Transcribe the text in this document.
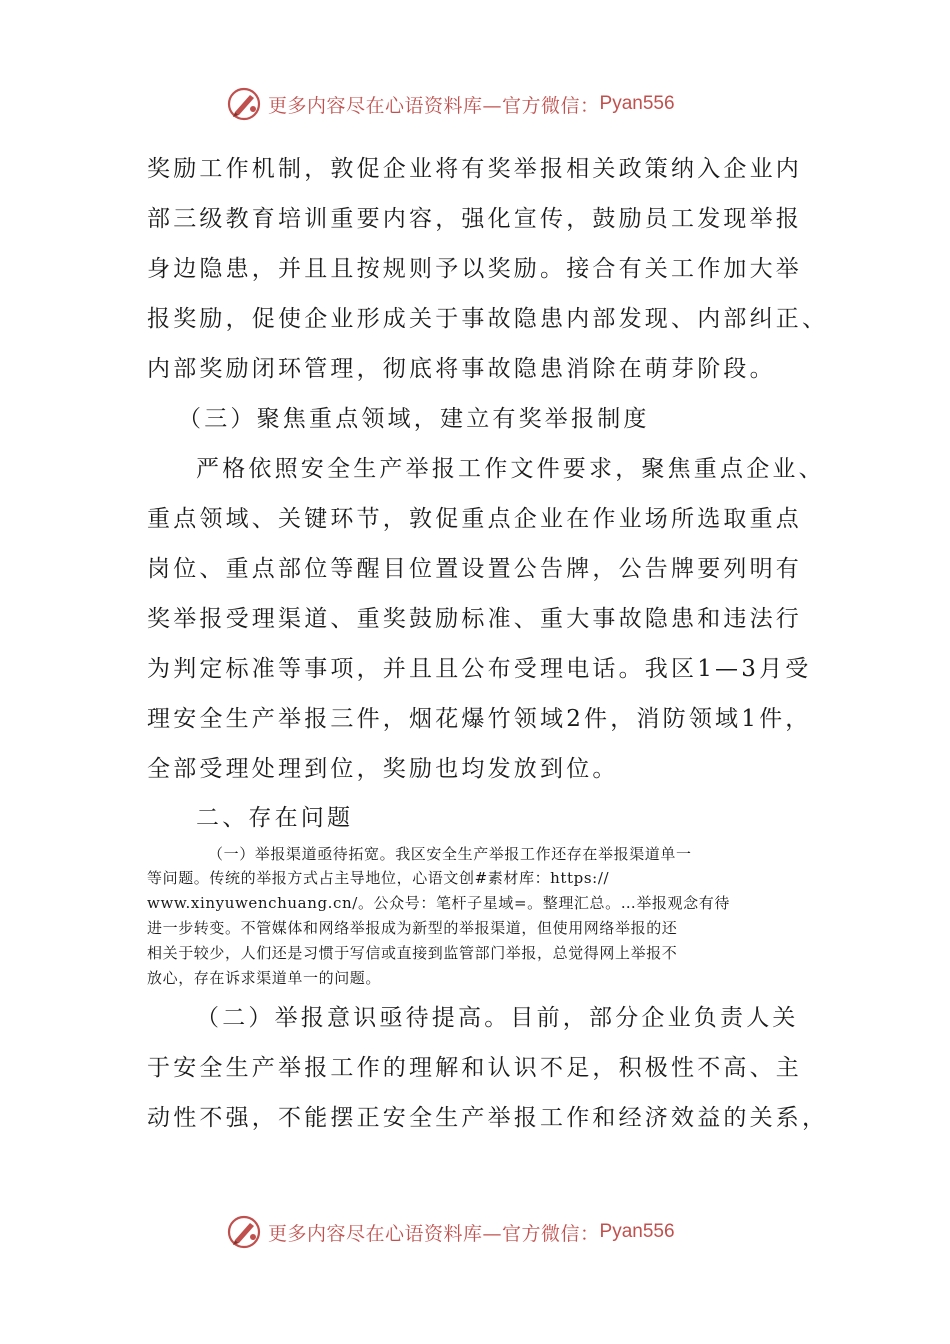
更多内容尽在心语资料库—官方微信： Pyan556
奖励工作机制，敦促企业将有奖举报相关政策纳入企业内
部三级教育培训重要内容，强化宣传，鼓励员工发现举报
身边隐患，并且且按规则予以奖励。接合有关工作加大举
报奖励，促使企业形成关于事故隐患内部发现、内部纠正、
内部奖励闭环管理，彻底将事故隐患消除在萌芽阶段。
（三）聚焦重点领域，建立有奖举报制度
严格依照安全生产举报工作文件要求，聚焦重点企业、
重点领域、关键环节，敦促重点企业在作业场所选取重点
岗位、重点部位等醒目位置设置公告牌，公告牌要列明有
奖举报受理渠道、重奖鼓励标准、重大事故隐患和违法行
为判定标准等事项，并且且公布受理电话。我区1—3月受
理安全生产举报三件，烟花爆竹领域2件，消防领域1件，
全部受理处理到位，奖励也均发放到位。
二、存在问题
（一）举报渠道亟待拓宽。我区安全生产举报工作还存在举报渠道单一
等问题。传统的举报方式占主导地位，心语文创#素材库：https://
www.xinyuwenchuang.cn/。公众号：笔杆子星域=。整理汇总。…举报观念有待
进一步转变。不管媒体和网络举报成为新型的举报渠道，但使用网络举报的还
相关于较少，人们还是习惯于写信或直接到监管部门举报，总觉得网上举报不
放心，存在诉求渠道单一的问题。
（二）举报意识亟待提高。目前，部分企业负责人关
于安全生产举报工作的理解和认识不足，积极性不高、主
动性不强，不能摆正安全生产举报工作和经济效益的关系，
更多内容尽在心语资料库—官方微信： Pyan556
